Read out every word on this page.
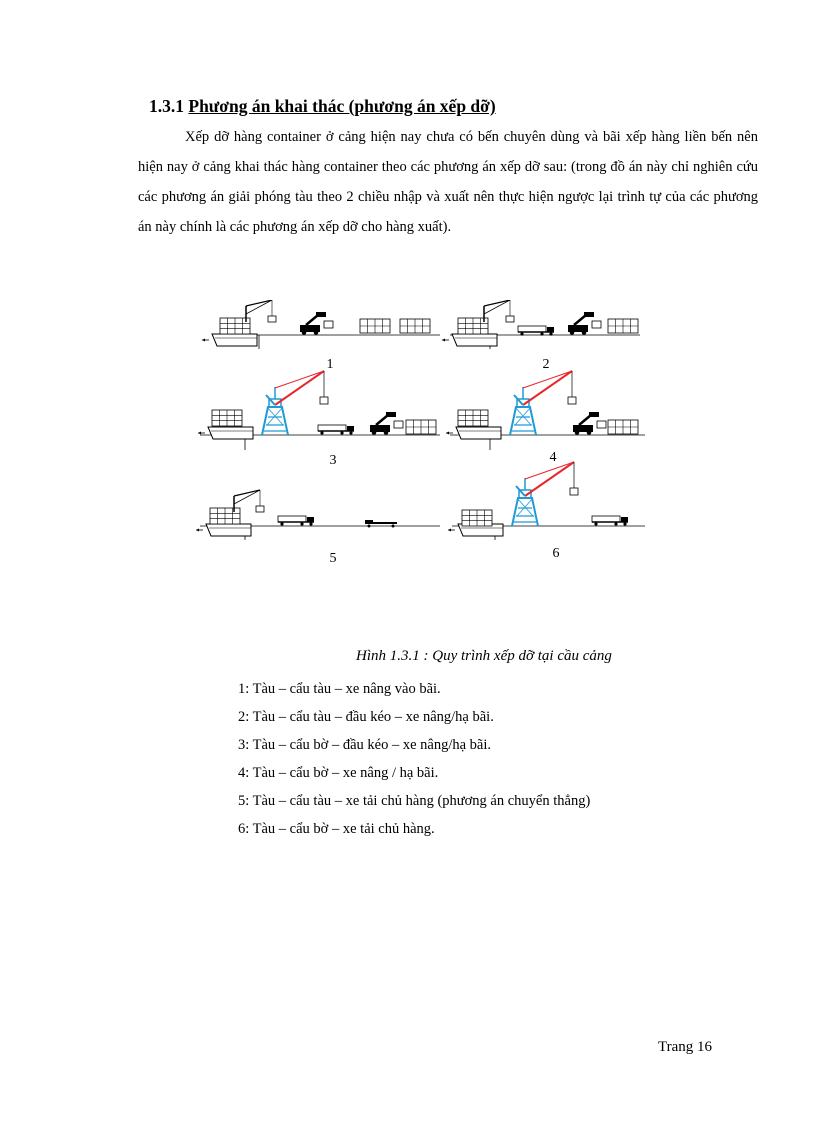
1.3.1 Phương án khai thác (phương án xếp dỡ)

Xếp dỡ hàng container ở cảng hiện nay chưa có bến chuyên dùng và bãi xếp hàng liền bến nên hiện nay ở cảng khai thác hàng container theo các phương án xếp dỡ sau: (trong đồ án này chỉ nghiên cứu các phương án giải phóng tàu theo 2 chiều nhập và xuất nên thực hiện ngược lại trình tự của các phương án này chính là các phương án xếp dỡ cho hàng xuất).

1	2
3	4
5	6
Hình 1.3.1 : Quy trình xếp dỡ tại cầu cảng
1: Tàu – cẩu tàu – xe nâng vào bãi.
2: Tàu – cẩu tàu – đầu kéo – xe nâng/hạ bãi.
3: Tàu – cẩu bờ – đầu kéo – xe nâng/hạ bãi.
4: Tàu – cẩu bờ – xe nâng / hạ bãi.
5: Tàu – cẩu tàu – xe tải chủ hàng (phương án chuyển thẳng)
6: Tàu – cẩu bờ – xe tải chủ hàng.
Trang 16
